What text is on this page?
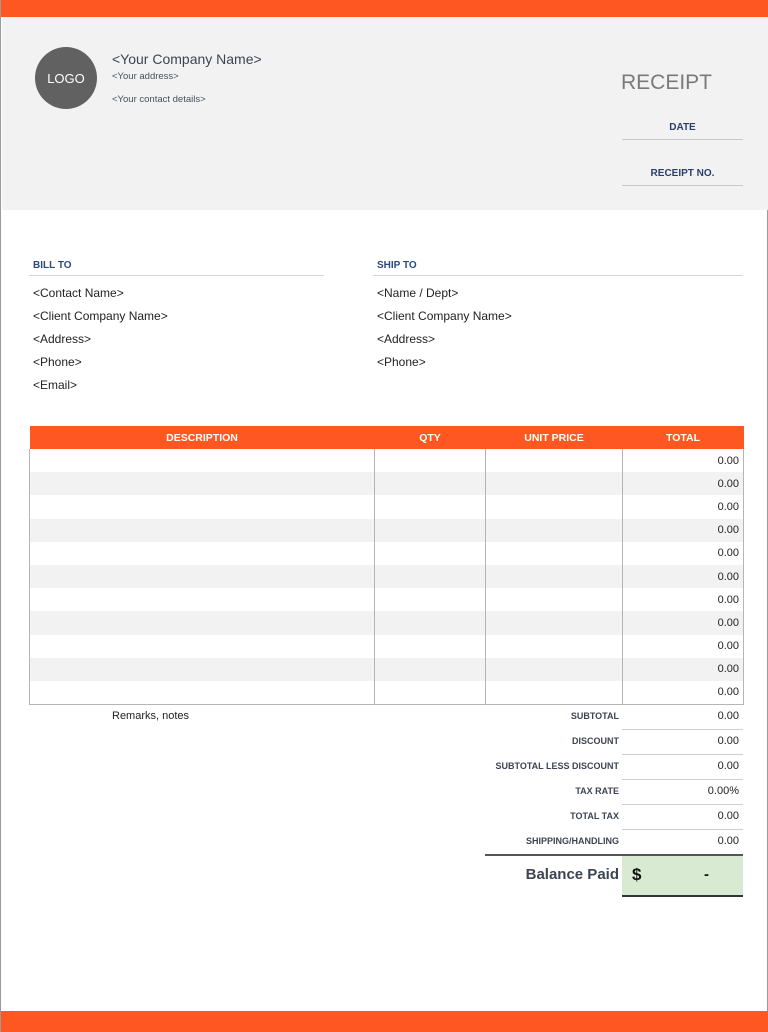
LOGO
<Your Company Name>
<Your address>
<Your contact details>
RECEIPT
DATE
RECEIPT NO.
BILL TO
<Contact Name>
<Client Company Name>
<Address>
<Phone>
<Email>
SHIP TO
<Name / Dept>
<Client Company Name>
<Address>
<Phone>
DESCRIPTION	QTY	UNIT PRICE	TOTAL
			0.00
			0.00
			0.00
			0.00
			0.00
			0.00
			0.00
			0.00
			0.00
			0.00
			0.00
Remarks, notes	SUBTOTAL	0.00
DISCOUNT	0.00
SUBTOTAL LESS DISCOUNT	0.00
TAX RATE	0.00%
TOTAL TAX	0.00
SHIPPING/HANDLING	0.00
Balance Paid $	-
